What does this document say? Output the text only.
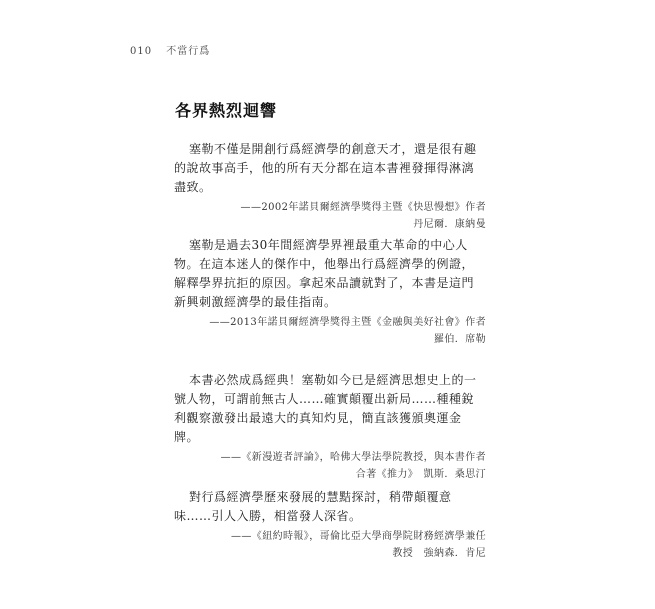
010 不當行爲
各界熱烈迴響

塞勒不僅是開創行爲經濟學的創意天才，還是很有趣的說故事高手，他的所有天分都在這本書裡發揮得淋漓盡致。

——2002年諾貝爾經濟學獎得主暨《快思慢想》作者
丹尼爾．康納曼

塞勒是過去30年間經濟學界裡最重大革命的中心人物。在這本迷人的傑作中，他舉出行爲經濟學的例證，解釋學界抗拒的原因。拿起來品讀就對了，本書是這門新興刺激經濟學的最佳指南。

——2013年諾貝爾經濟學獎得主暨《金融與美好社會》作者
羅伯．席勒

本書必然成爲經典！塞勒如今已是經濟思想史上的一號人物，可謂前無古人……確實顛覆出新局……種種銳利觀察激發出最遠大的真知灼見，簡直該獲頒奧運金牌。

——《新漫遊者評論》，哈佛大學法學院教授，與本書作者
合著《推力》　凱斯．桑思汀

對行爲經濟學歷來發展的慧黠探討，稍帶顛覆意味……引人入勝，相當發人深省。

——《紐約時報》，哥倫比亞大學商學院財務經濟學兼任
教授　強納森．肯尼
